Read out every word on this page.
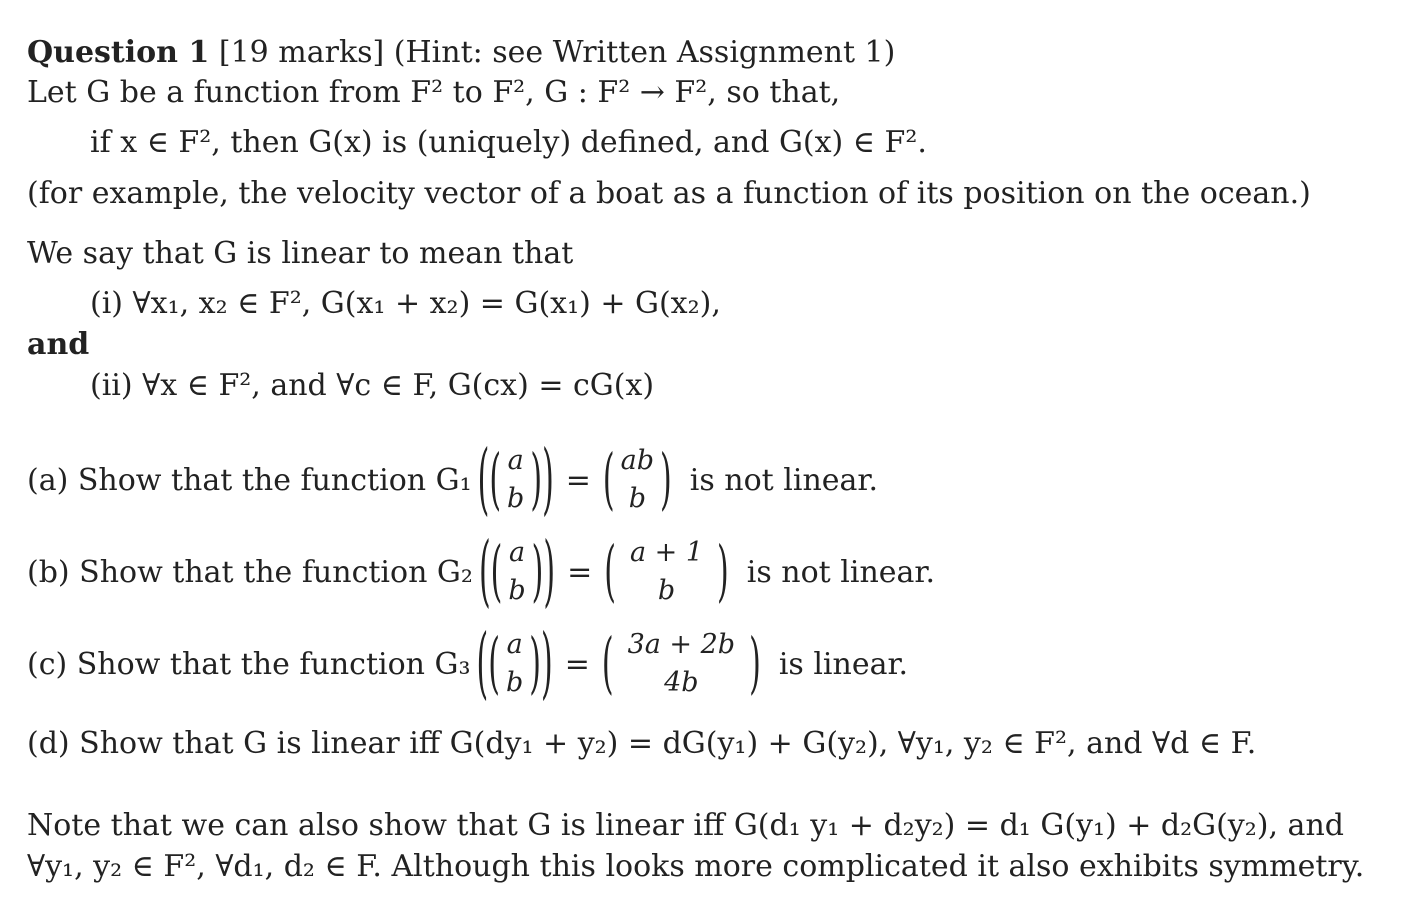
Question 1 [19 marks] (Hint: see Written Assignment 1)
Let G be a function from F² to F², G : F² → F², so that,
if x ∈ F², then G(x) is (uniquely) defined, and G(x) ∈ F².
(for example, the velocity vector of a boat as a function of its position on the ocean.)
We say that G is linear to mean that
(i) ∀x₁, x₂ ∈ F², G(x₁ + x₂) = G(x₁) + G(x₂),
and
(ii) ∀x ∈ F², and ∀c ∈ F, G(cx) = cG(x)
(a) Show that the function G₁ ( ( a
b ) ) = ( ab
b ) is not linear.
(b) Show that the function G₂ ( ( a
b ) ) = ( a + 1
b ) is not linear.
(c) Show that the function G₃ ( ( a
b ) ) = ( 3a + 2b
4b ) is linear.
(d) Show that G is linear iff G(dy₁ + y₂) = dG(y₁) + G(y₂), ∀y₁, y₂ ∈ F², and ∀d ∈ F.
Note that we can also show that G is linear iff G(d₁ y₁ + d₂y₂) = d₁ G(y₁) + d₂G(y₂), and
∀y₁, y₂ ∈ F², ∀d₁, d₂ ∈ F. Although this looks more complicated it also exhibits symmetry.
